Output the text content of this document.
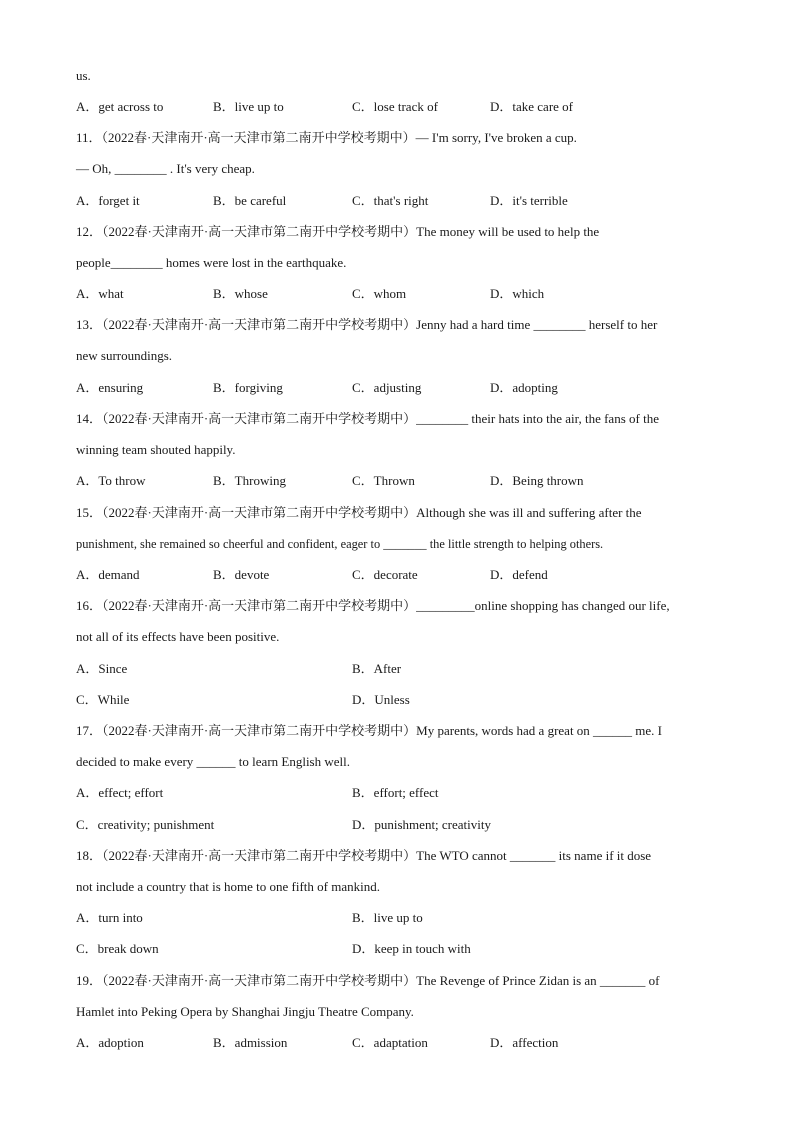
us.
A．get across to	B．live up to	C．lose track of	D．take care of
11．（2022春·天津南开·高一天津市第二南开中学校考期中）— I'm sorry, I've broken a cup.
— Oh, ________ . It's very cheap.
A．forget it	B．be careful	C．that's right	D．it's terrible
12．（2022春·天津南开·高一天津市第二南开中学校考期中）The money will be used to help the
people________ homes were lost in the earthquake.
A．what	B．whose	C．whom	D．which
13．（2022春·天津南开·高一天津市第二南开中学校考期中）Jenny had a hard time ________ herself to her
new surroundings.
A．ensuring	B．forgiving	C．adjusting	D．adopting
14．（2022春·天津南开·高一天津市第二南开中学校考期中）________ their hats into the air, the fans of the
winning team shouted happily.
A．To throw	B．Throwing	C．Thrown	D．Being thrown
15．（2022春·天津南开·高一天津市第二南开中学校考期中）Although she was ill and suffering after the
punishment, she remained so cheerful and confident, eager to _______ the little strength to helping others.
A．demand	B．devote	C．decorate	D．defend
16．（2022春·天津南开·高一天津市第二南开中学校考期中）_________online shopping has changed our life,
not all of its effects have been positive.
A．Since	B．After
C．While	D．Unless
17．（2022春·天津南开·高一天津市第二南开中学校考期中）My parents, words had a great on ______ me. I
decided to make every ______ to learn English well.
A．effect; effort	B．effort; effect
C．creativity; punishment	D．punishment; creativity
18．（2022春·天津南开·高一天津市第二南开中学校考期中）The WTO cannot _______ its name if it dose
not include a country that is home to one fifth of mankind.
A．turn into	B．live up to
C．break down	D．keep in touch with
19．（2022春·天津南开·高一天津市第二南开中学校考期中）The Revenge of Prince Zidan is an _______ of
Hamlet into Peking Opera by Shanghai Jingju Theatre Company.
A．adoption	B．admission	C．adaptation	D．affection
